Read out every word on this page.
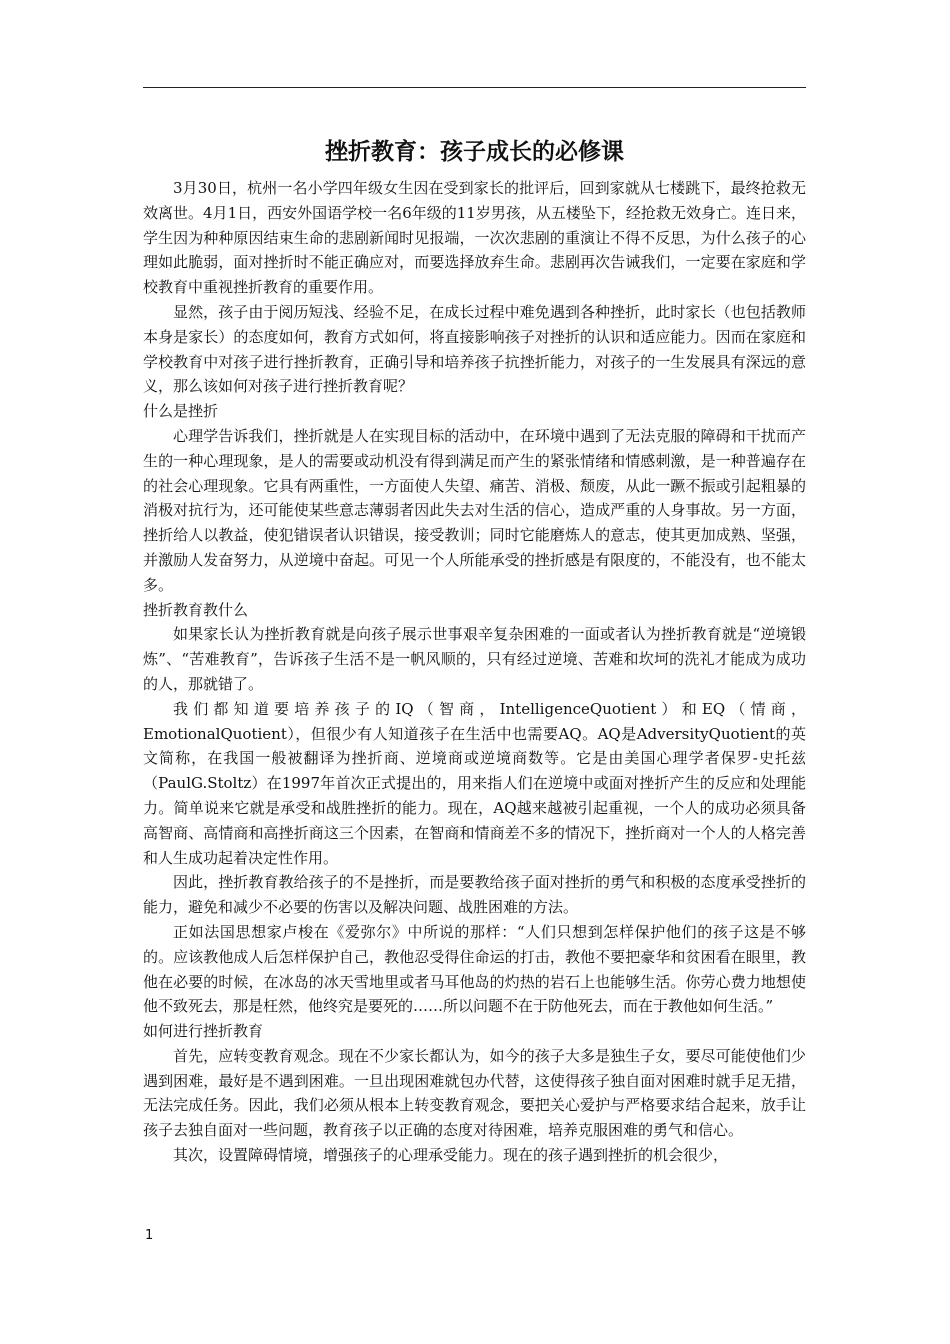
挫折教育：孩子成长的必修课

3月30日，杭州一名小学四年级女生因在受到家长的批评后，回到家就从七楼跳下，最终抢救无效离世。4月1日，西安外国语学校一名6年级的11岁男孩，从五楼坠下，经抢救无效身亡。连日来，学生因为种种原因结束生命的悲剧新闻时见报端，一次次悲剧的重演让不得不反思，为什么孩子的心理如此脆弱，面对挫折时不能正确应对，而要选择放弃生命。悲剧再次告诫我们，一定要在家庭和学校教育中重视挫折教育的重要作用。

显然，孩子由于阅历短浅、经验不足，在成长过程中难免遇到各种挫折，此时家长（也包括教师本身是家长）的态度如何，教育方式如何，将直接影响孩子对挫折的认识和适应能力。因而在家庭和学校教育中对孩子进行挫折教育，正确引导和培养孩子抗挫折能力，对孩子的一生发展具有深远的意义，那么该如何对孩子进行挫折教育呢？

什么是挫折

心理学告诉我们，挫折就是人在实现目标的活动中，在环境中遇到了无法克服的障碍和干扰而产生的一种心理现象，是人的需要或动机没有得到满足而产生的紧张情绪和情感刺激，是一种普遍存在的社会心理现象。它具有两重性，一方面使人失望、痛苦、消极、颓废，从此一蹶不振或引起粗暴的消极对抗行为，还可能使某些意志薄弱者因此失去对生活的信心，造成严重的人身事故。另一方面，挫折给人以教益，使犯错误者认识错误，接受教训；同时它能磨炼人的意志，使其更加成熟、坚强，并激励人发奋努力，从逆境中奋起。可见一个人所能承受的挫折感是有限度的，不能没有，也不能太多。

挫折教育教什么

如果家长认为挫折教育就是向孩子展示世事艰辛复杂困难的一面或者认为挫折教育就是“逆境锻炼”、“苦难教育”，告诉孩子生活不是一帆风顺的，只有经过逆境、苦难和坎坷的洗礼才能成为成功的人，那就错了。

我们都知道要培养孩子的IQ（智商，IntelligenceQuotient）和EQ（情商，EmotionalQuotient），但很少有人知道孩子在生活中也需要AQ。AQ是AdversityQuotient的英文简称，在我国一般被翻译为挫折商、逆境商或逆境商数等。它是由美国心理学者保罗-史托兹（PaulG.Stoltz）在1997年首次正式提出的，用来指人们在逆境中或面对挫折产生的反应和处理能力。简单说来它就是承受和战胜挫折的能力。现在，AQ越来越被引起重视，一个人的成功必须具备高智商、高情商和高挫折商这三个因素，在智商和情商差不多的情况下，挫折商对一个人的人格完善和人生成功起着决定性作用。

因此，挫折教育教给孩子的不是挫折，而是要教给孩子面对挫折的勇气和积极的态度承受挫折的能力，避免和减少不必要的伤害以及解决问题、战胜困难的方法。

正如法国思想家卢梭在《爱弥尔》中所说的那样：“人们只想到怎样保护他们的孩子这是不够的。应该教他成人后怎样保护自己，教他忍受得住命运的打击，教他不要把豪华和贫困看在眼里，教他在必要的时候，在冰岛的冰天雪地里或者马耳他岛的灼热的岩石上也能够生活。你劳心费力地想使他不致死去，那是枉然，他终究是要死的……所以问题不在于防他死去，而在于教他如何生活。”

如何进行挫折教育

首先，应转变教育观念。现在不少家长都认为，如今的孩子大多是独生子女，要尽可能使他们少遇到困难，最好是不遇到困难。一旦出现困难就包办代替，这使得孩子独自面对困难时就手足无措，无法完成任务。因此，我们必须从根本上转变教育观念，要把关心爱护与严格要求结合起来，放手让孩子去独自面对一些问题，教育孩子以正确的态度对待困难，培养克服困难的勇气和信心。

其次，设置障碍情境，增强孩子的心理承受能力。现在的孩子遇到挫折的机会很少，

1
